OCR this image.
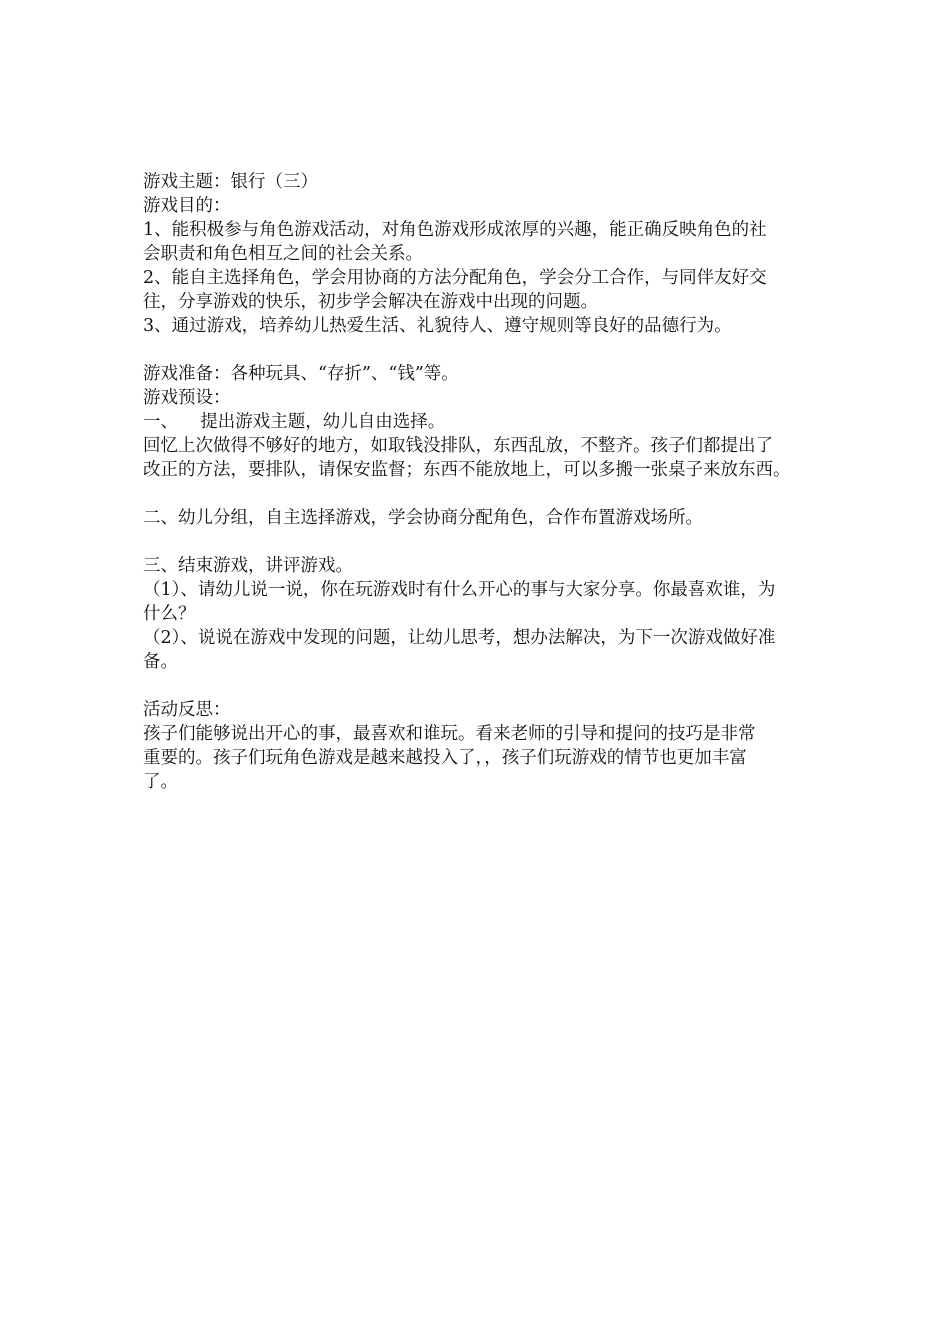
游戏主题：银行（三）
游戏目的：
1、能积极参与角色游戏活动，对角色游戏形成浓厚的兴趣，能正确反映角色的社
会职责和角色相互之间的社会关系。
2、能自主选择角色，学会用协商的方法分配角色，学会分工合作，与同伴友好交
往，分享游戏的快乐，初步学会解决在游戏中出现的问题。
3、通过游戏，培养幼儿热爱生活、礼貌待人、遵守规则等良好的品德行为。
游戏准备：各种玩具、“存折”、“钱”等。
游戏预设：
一、    提出游戏主题，幼儿自由选择。
回忆上次做得不够好的地方，如取钱没排队，东西乱放，不整齐。孩子们都提出了
改正的方法，要排队，请保安监督；东西不能放地上，可以多搬一张桌子来放东西。
二、幼儿分组，自主选择游戏，学会协商分配角色，合作布置游戏场所。
三、结束游戏，讲评游戏。
（1）、请幼儿说一说，你在玩游戏时有什么开心的事与大家分享。你最喜欢谁，为
什么？
（2）、说说在游戏中发现的问题，让幼儿思考，想办法解决，为下一次游戏做好准
备。
活动反思：
孩子们能够说出开心的事，最喜欢和谁玩。看来老师的引导和提问的技巧是非常
重要的。孩子们玩角色游戏是越来越投入了，，孩子们玩游戏的情节也更加丰富
了。
